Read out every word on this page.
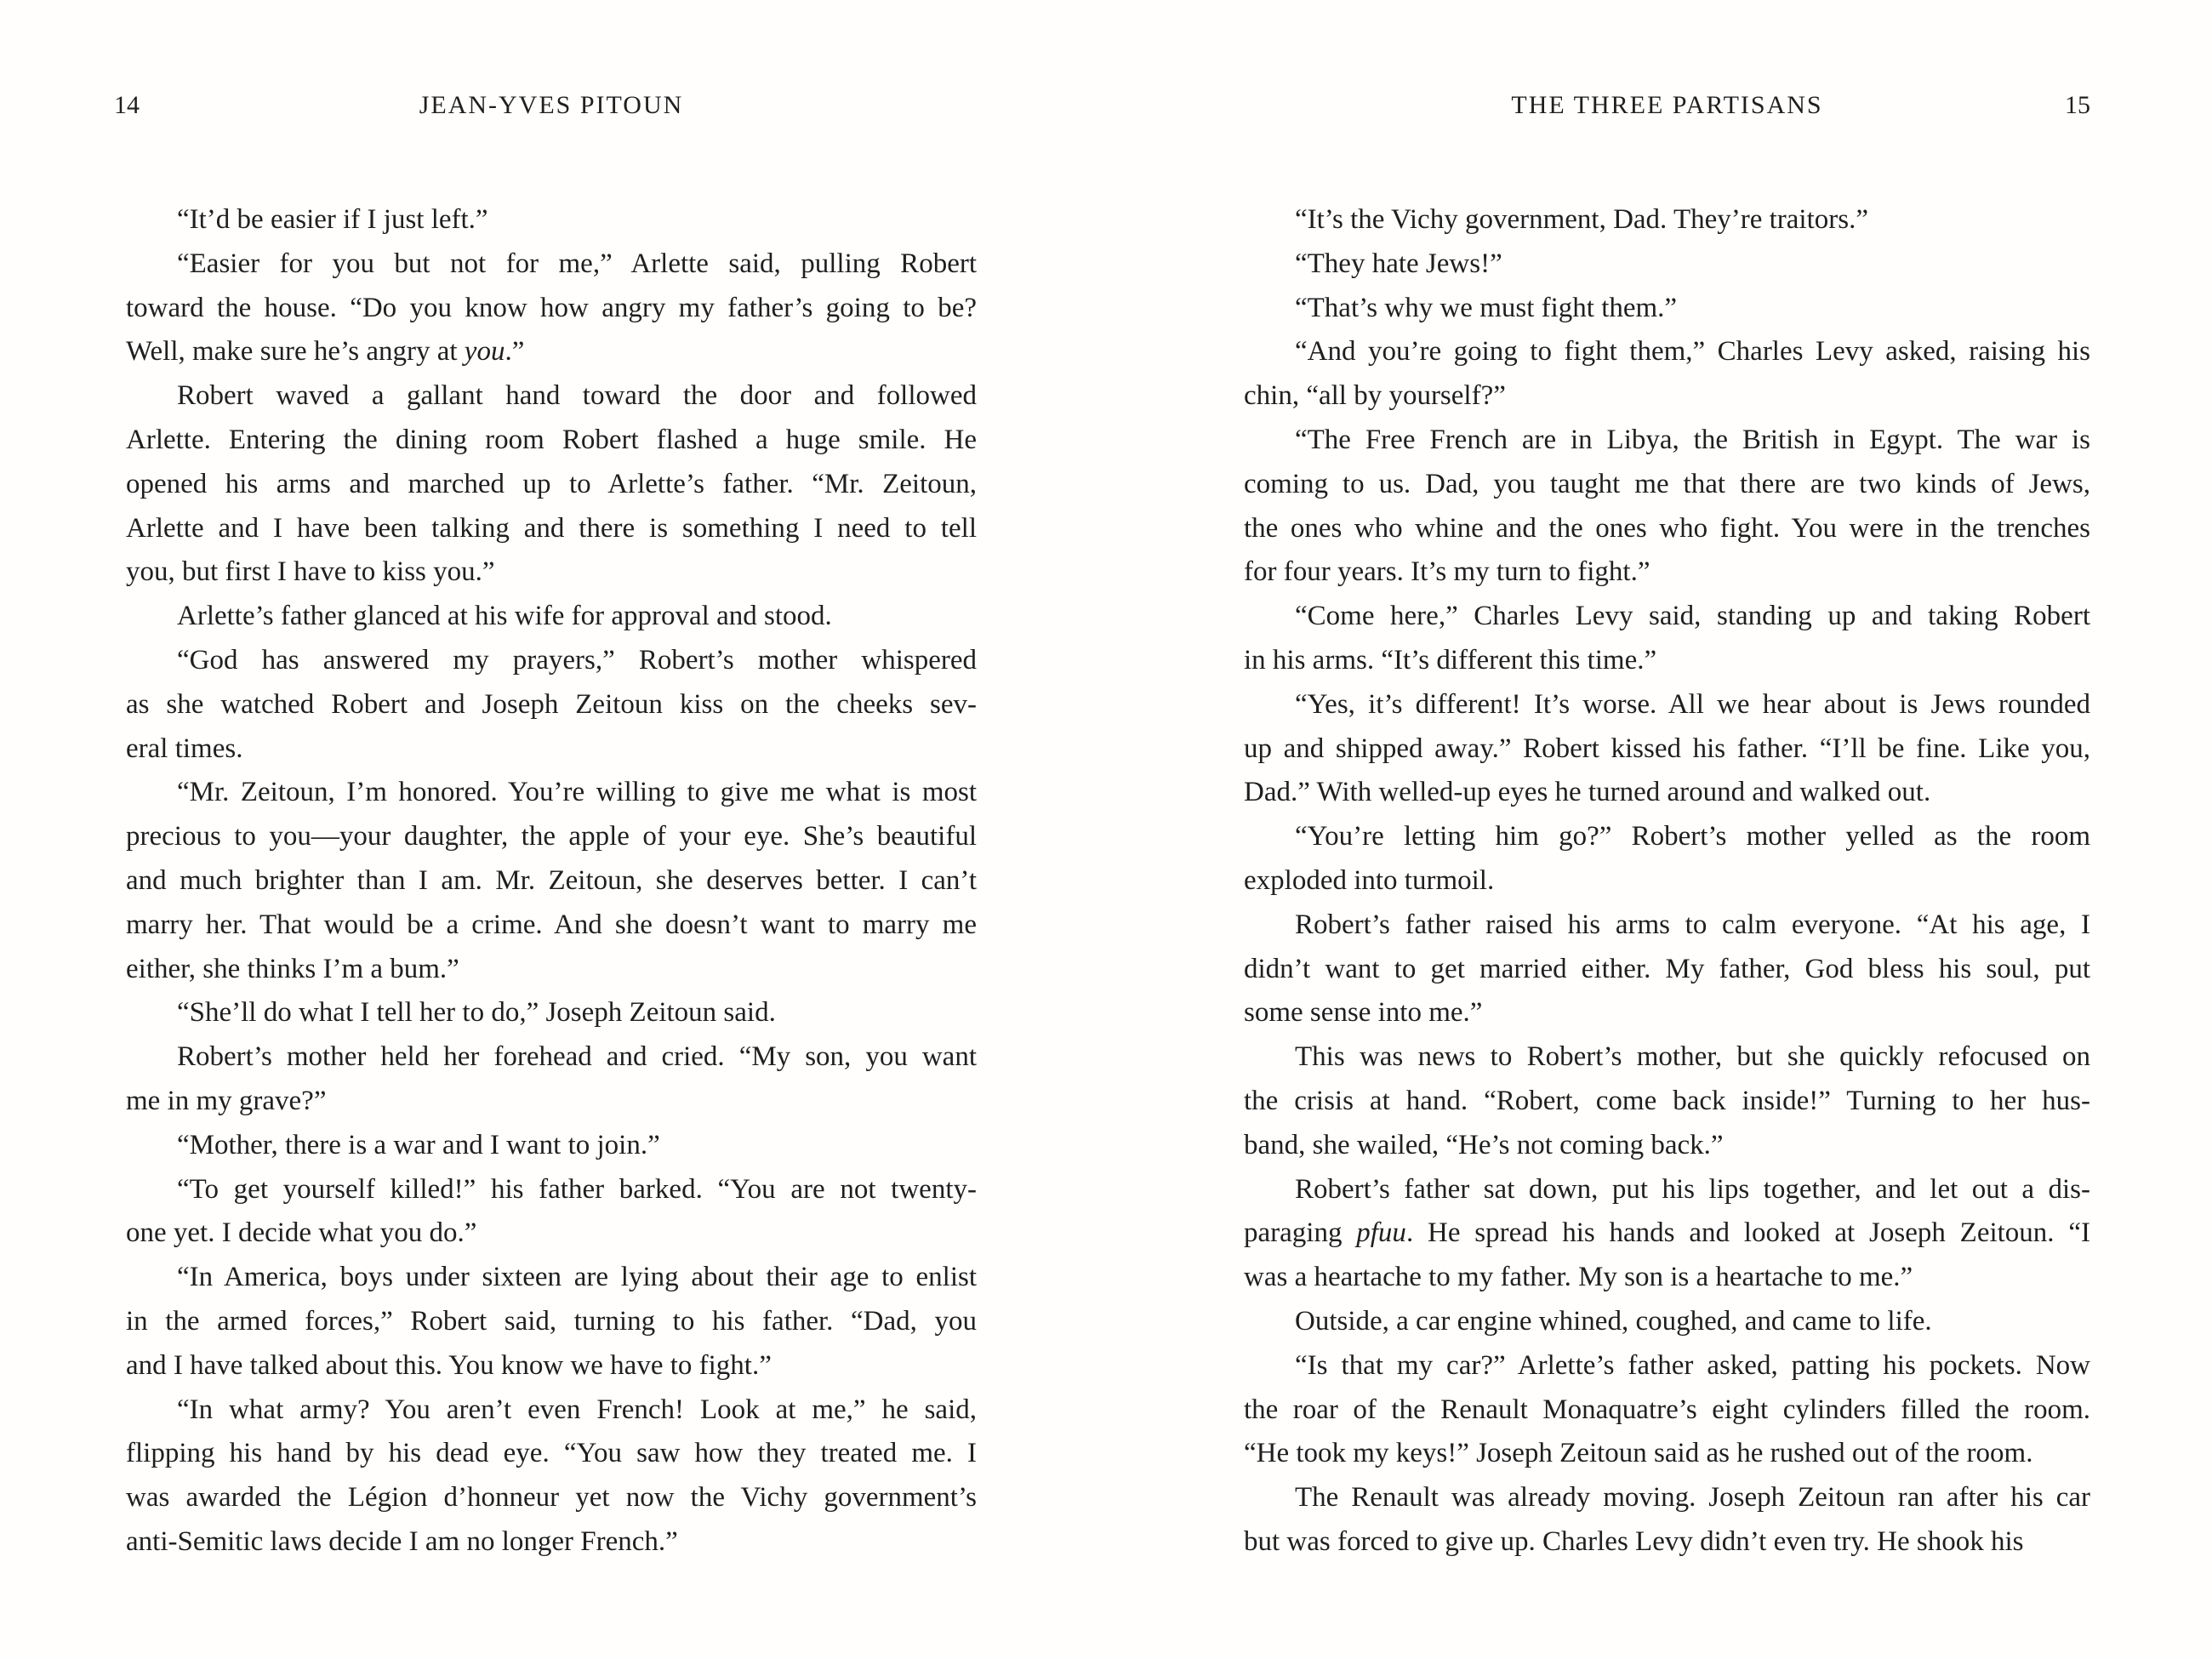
14	JEAN-YVES PITOUN
“It’d be easier if I just left.”
“Easier for you but not for me,” Arlette said, pulling Robert
toward the house. “Do you know how angry my father’s going to be?
Well, make sure he’s angry at you.”
Robert waved a gallant hand toward the door and followed
Arlette. Entering the dining room Robert flashed a huge smile. He
opened his arms and marched up to Arlette’s father. “Mr. Zeitoun,
Arlette and I have been talking and there is something I need to tell
you, but first I have to kiss you.”
Arlette’s father glanced at his wife for approval and stood.
“God has answered my prayers,” Robert’s mother whispered
as she watched Robert and Joseph Zeitoun kiss on the cheeks sev-
eral times.
“Mr. Zeitoun, I’m honored. You’re willing to give me what is most
precious to you—your daughter, the apple of your eye. She’s beautiful
and much brighter than I am. Mr. Zeitoun, she deserves better. I can’t
marry her. That would be a crime. And she doesn’t want to marry me
either, she thinks I’m a bum.”
“She’ll do what I tell her to do,” Joseph Zeitoun said.
Robert’s mother held her forehead and cried. “My son, you want
me in my grave?”
“Mother, there is a war and I want to join.”
“To get yourself killed!” his father barked. “You are not twenty-
one yet. I decide what you do.”
“In America, boys under sixteen are lying about their age to enlist
in the armed forces,” Robert said, turning to his father. “Dad, you
and I have talked about this. You know we have to fight.”
“In what army? You aren’t even French! Look at me,” he said,
flipping his hand by his dead eye. “You saw how they treated me. I
was awarded the Légion d’honneur yet now the Vichy government’s
anti-Semitic laws decide I am no longer French.”
THE THREE PARTISANS	15
“It’s the Vichy government, Dad. They’re traitors.”
“They hate Jews!”
“That’s why we must fight them.”
“And you’re going to fight them,” Charles Levy asked, raising his
chin, “all by yourself?”
“The Free French are in Libya, the British in Egypt. The war is
coming to us. Dad, you taught me that there are two kinds of Jews,
the ones who whine and the ones who fight. You were in the trenches
for four years. It’s my turn to fight.”
“Come here,” Charles Levy said, standing up and taking Robert
in his arms. “It’s different this time.”
“Yes, it’s different! It’s worse. All we hear about is Jews rounded
up and shipped away.” Robert kissed his father. “I’ll be fine. Like you,
Dad.” With welled-up eyes he turned around and walked out.
“You’re letting him go?” Robert’s mother yelled as the room
exploded into turmoil.
Robert’s father raised his arms to calm everyone. “At his age, I
didn’t want to get married either. My father, God bless his soul, put
some sense into me.”
This was news to Robert’s mother, but she quickly refocused on
the crisis at hand. “Robert, come back inside!” Turning to her hus-
band, she wailed, “He’s not coming back.”
Robert’s father sat down, put his lips together, and let out a dis-
paraging pfuu. He spread his hands and looked at Joseph Zeitoun. “I
was a heartache to my father. My son is a heartache to me.”
Outside, a car engine whined, coughed, and came to life.
“Is that my car?” Arlette’s father asked, patting his pockets. Now
the roar of the Renault Monaquatre’s eight cylinders filled the room.
“He took my keys!” Joseph Zeitoun said as he rushed out of the room.
The Renault was already moving. Joseph Zeitoun ran after his car
but was forced to give up. Charles Levy didn’t even try. He shook his
